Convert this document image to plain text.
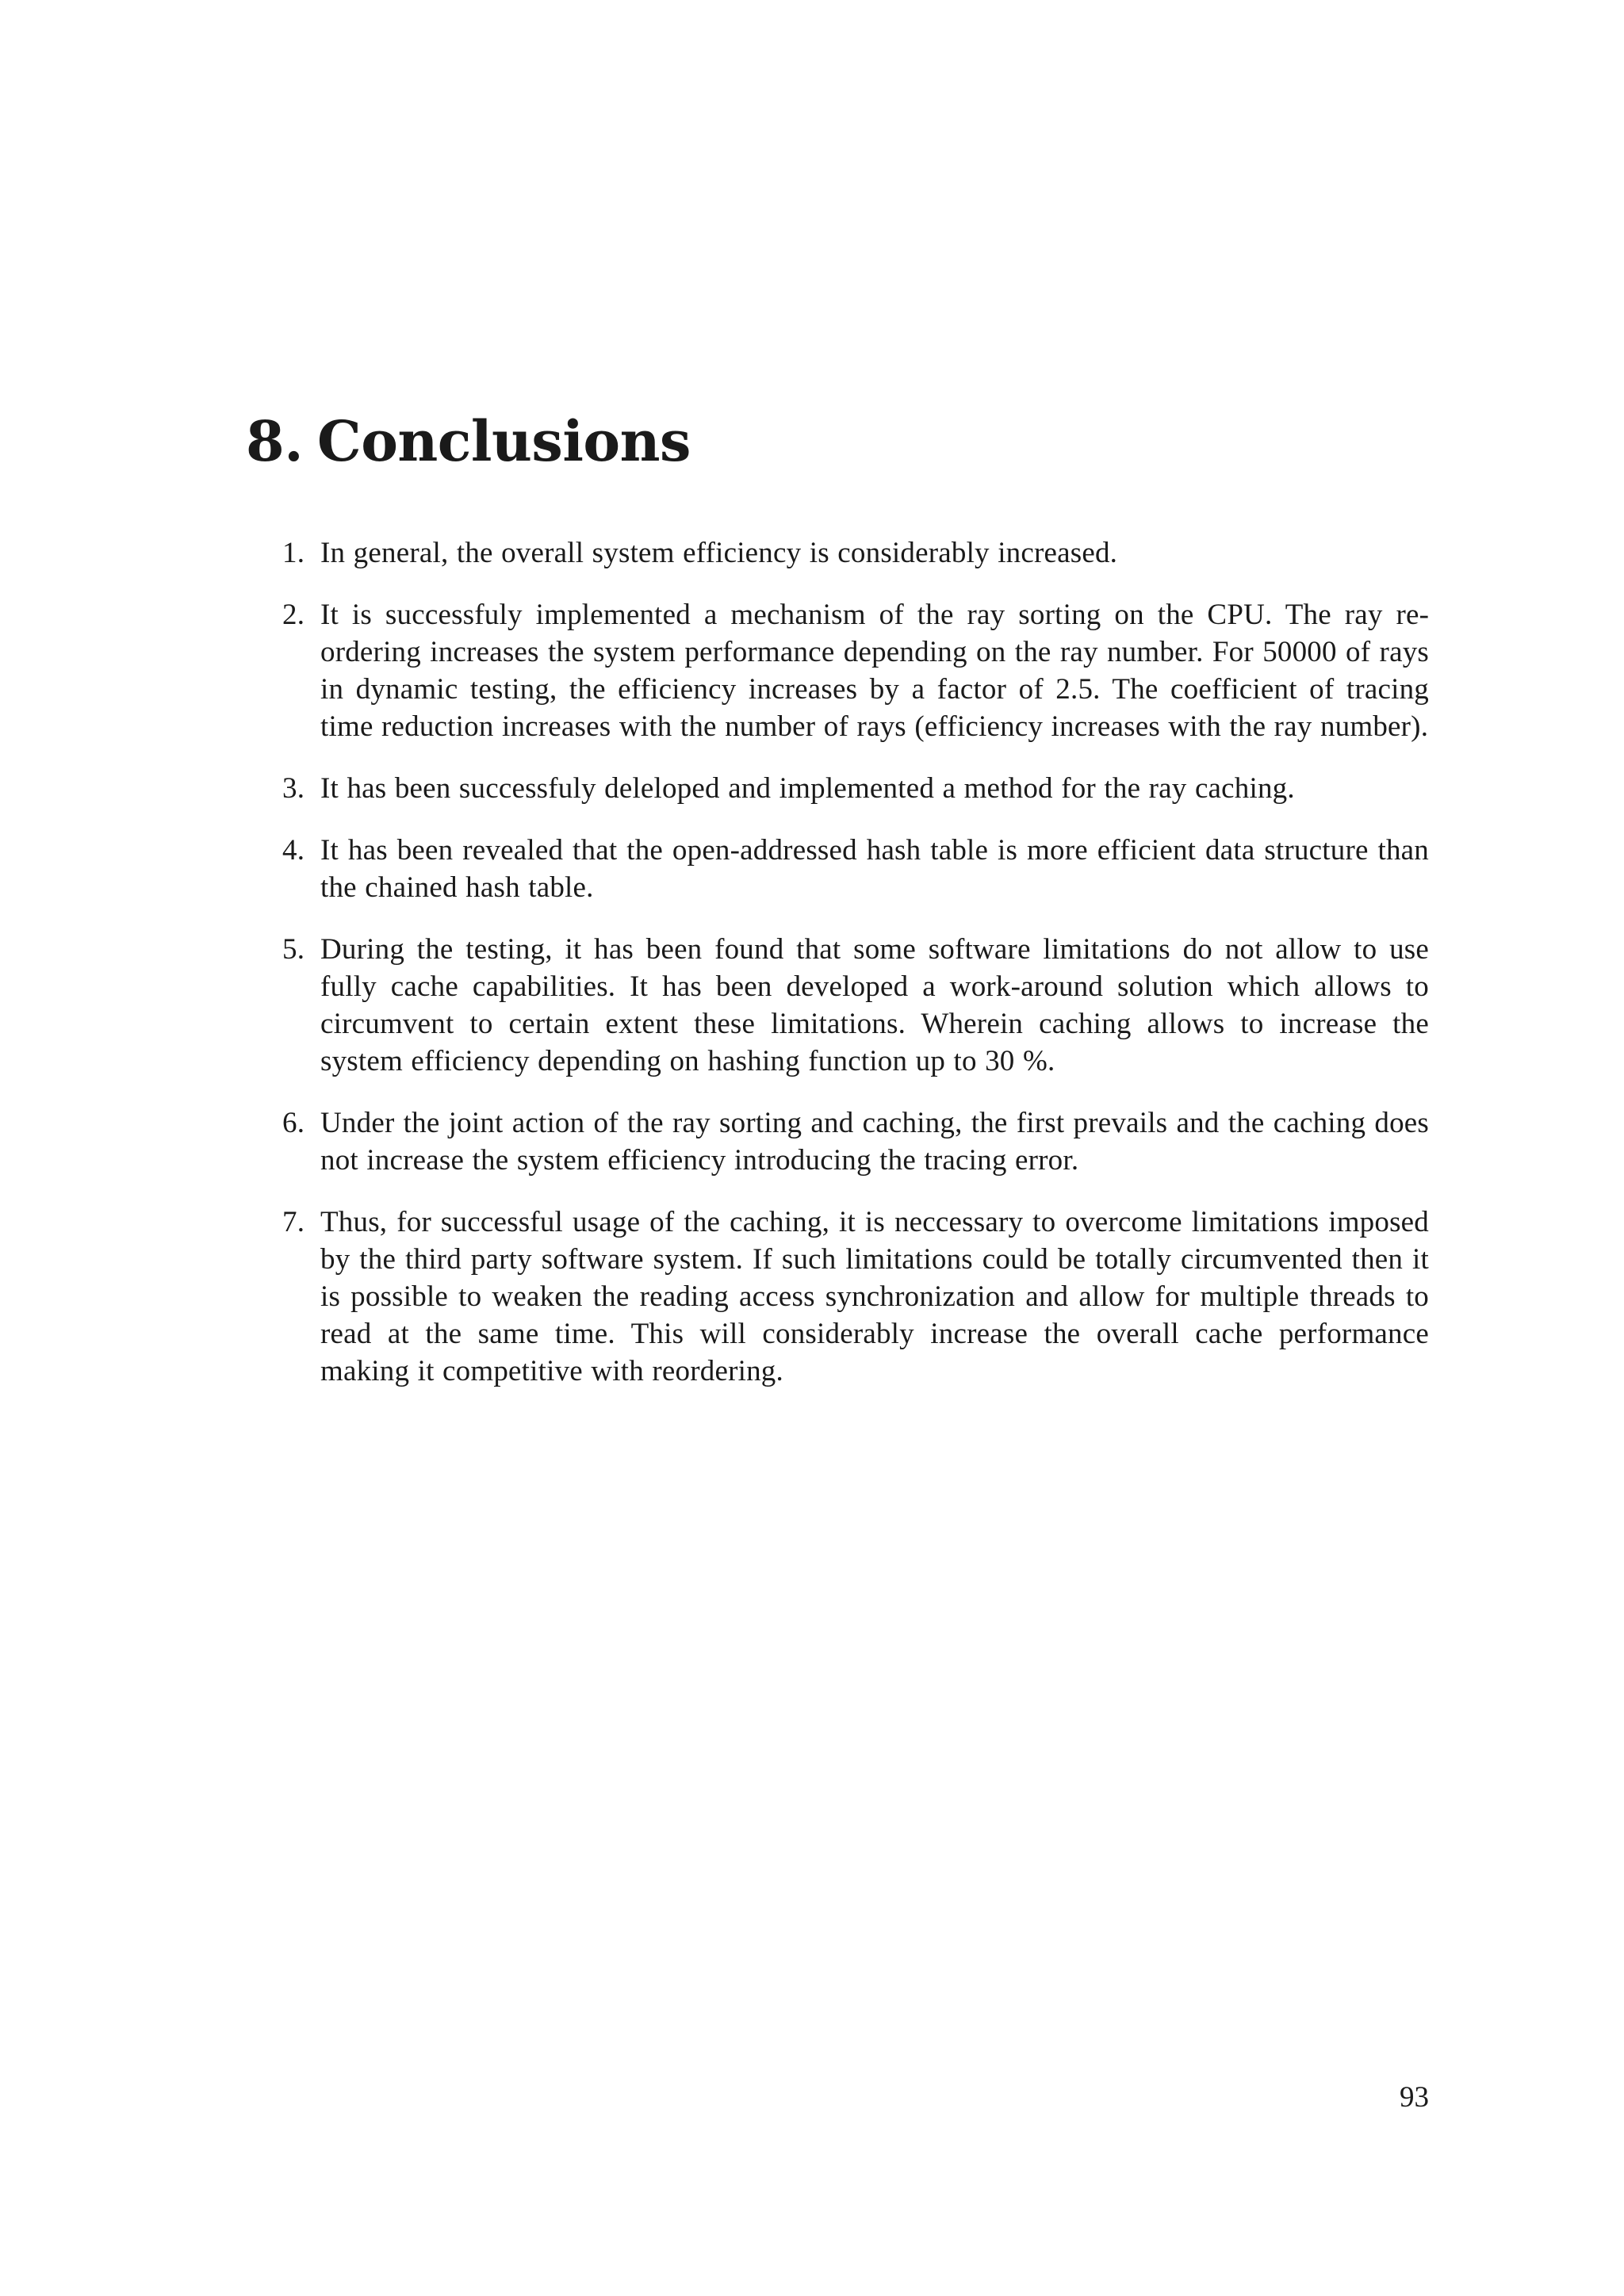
8. Conclusions
1. In general, the overall system efficiency is considerably increased.
2. It is successfuly implemented a mechanism of the ray sorting on the CPU. The ray reordering increases the system performance depending on the ray number. For 50000 of rays in dynamic testing, the efficiency increases by a factor of 2.5. The coefficient of tracing time reduction increases with the number of rays (efficiency increases with the ray number).
3. It has been successfuly deleloped and implemented a method for the ray caching.
4. It has been revealed that the open-addressed hash table is more efficient data structure than the chained hash table.
5. During the testing, it has been found that some software limitations do not allow to use fully cache capabilities. It has been developed a work-around solution which allows to circumvent to certain extent these limitations. Wherein caching allows to increase the system efficiency depending on hashing function up to 30 %.
6. Under the joint action of the ray sorting and caching, the first prevails and the caching does not increase the system efficiency introducing the tracing error.
7. Thus, for successful usage of the caching, it is neccessary to overcome limitations imposed by the third party software system. If such limitations could be totally circumvented then it is possible to weaken the reading access synchronization and allow for multiple threads to read at the same time. This will considerably increase the overall cache performance making it competitive with reordering.
93
